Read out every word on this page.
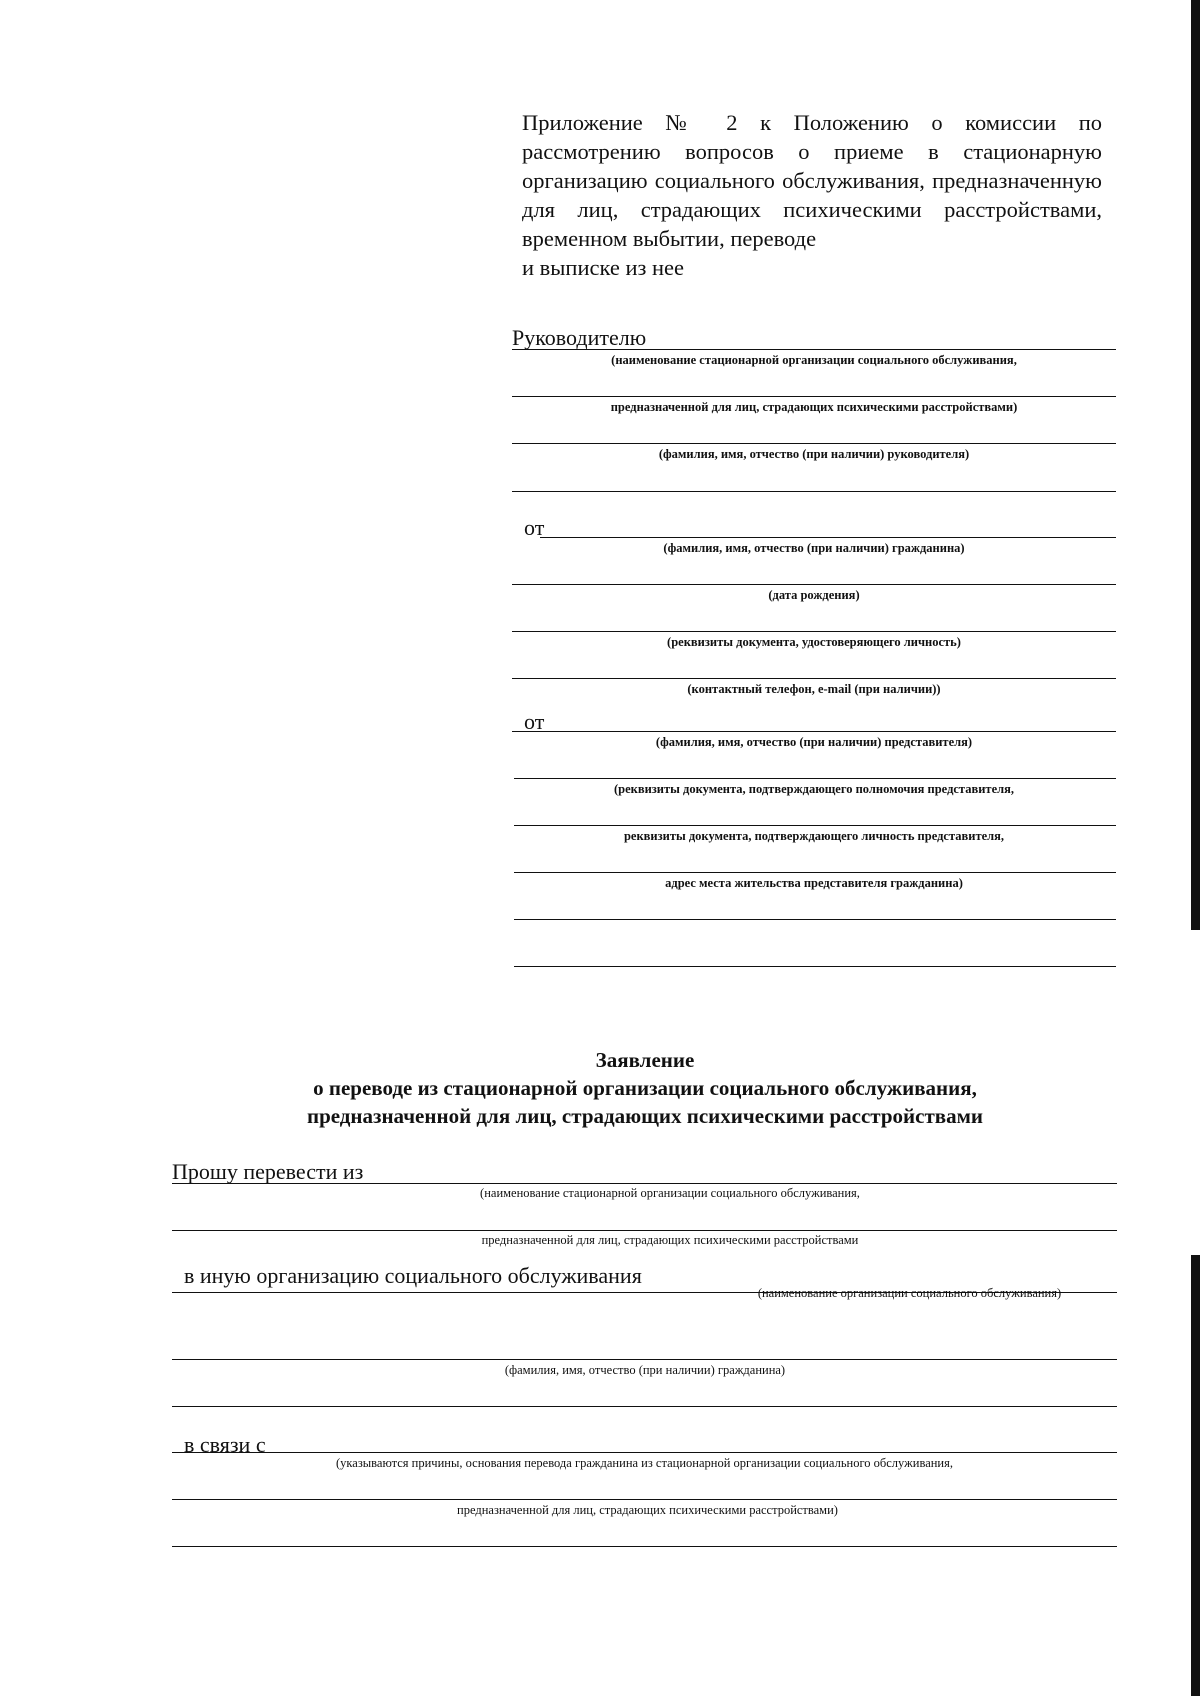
Приложение № 2 к Положению о комиссии по рассмотрению вопросов о приеме в стационарную организацию социального обслуживания, предназначенную для лиц, страдающих психическими расстройствами, временном выбытии, переводе
и выписке из нее
Руководителю
(наименование стационарной организации социального обслуживания,
предназначенной для лиц, страдающих психическими расстройствами)
(фамилия, имя, отчество (при наличии) руководителя)
от
(фамилия, имя, отчество (при наличии) гражданина)
(дата рождения)
(реквизиты документа, удостоверяющего личность)
(контактный телефон, e-mail (при наличии))
от
(фамилия, имя, отчество (при наличии) представителя)
(реквизиты документа, подтверждающего полномочия представителя,
реквизиты документа, подтверждающего личность представителя,
адрес места жительства представителя гражданина)
Заявление
о переводе из стационарной организации социального обслуживания,
предназначенной для лиц, страдающих психическими расстройствами
Прошу перевести из
(наименование стационарной организации социального обслуживания,
предназначенной для лиц, страдающих психическими расстройствами
в иную организацию социального обслуживания
(наименование организации социального обслуживания)
(фамилия, имя, отчество (при наличии) гражданина)
в связи с
(указываются причины, основания перевода гражданина из стационарной организации социального обслуживания,
предназначенной для лиц, страдающих психическими расстройствами)
